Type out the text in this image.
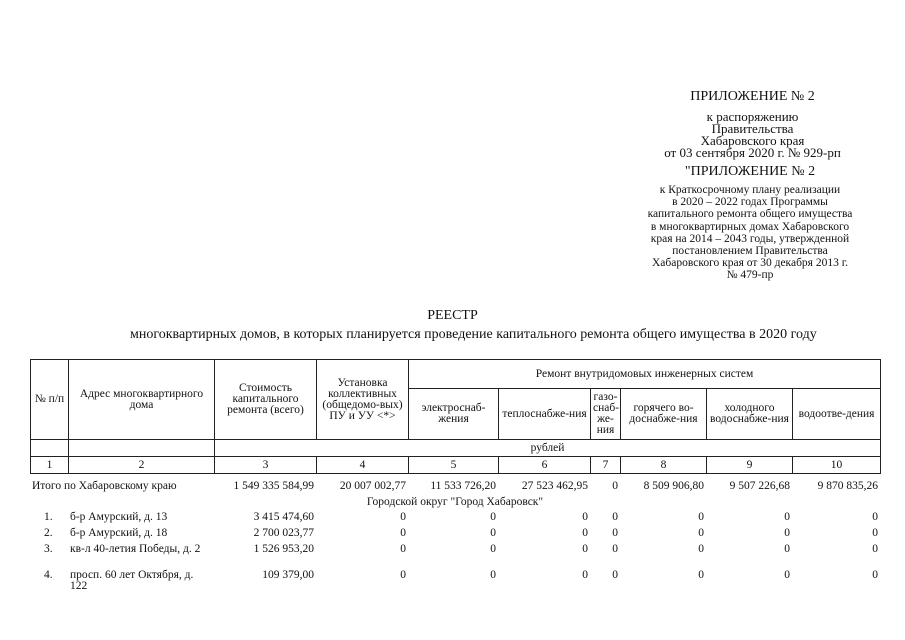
ПРИЛОЖЕНИЕ № 2
к распоряжению
Правительства
Хабаровского края
от 03 сентября 2020 г. № 929-рп
"ПРИЛОЖЕНИЕ № 2
к Краткосрочному плану реализации
в 2020 – 2022 годах Программы
капитального ремонта общего имущества
в многоквартирных домах Хабаровского
края на 2014 – 2043 годы, утвержденной
постановлением Правительства
Хабаровского края от 30 декабря 2013 г.
№ 479-пр
РЕЕСТР
многоквартирных домов, в которых планируется проведение капитального ремонта общего имущества в 2020 году
№ п/п	Адрес многоквартирного дома	Стоимость капитального ремонта (всего)	Установка коллективных (общедомо-вых) ПУ и УУ <*>	Ремонт внутридомовых инженерных систем					
				электроснаб-жения	теплоснабже-ния	газо-снаб-же-ния	горячего во-доснабже-ния	холодного водоснабже-ния	водоотве-дения
		рублей							
1	2	3	4	5	6	7	8	9	10
Итого по Хабаровскому краю		1 549 335 584,99	20 007 002,77	11 533 726,20	27 523 462,95	0	8 509 906,80	9 507 226,68	9 870 835,26
Городской округ "Город Хабаровск"									
1.	б-р Амурский, д. 13	3 415 474,60	0	0	0	0	0	0	0
2.	б-р Амурский, д. 18	2 700 023,77	0	0	0	0	0	0	0
3.	кв-л 40-летия Победы, д. 2	1 526 953,20	0	0	0	0	0	0	0
4.	просп. 60 лет Октября, д. 122	109 379,00	0	0	0	0	0	0	0
